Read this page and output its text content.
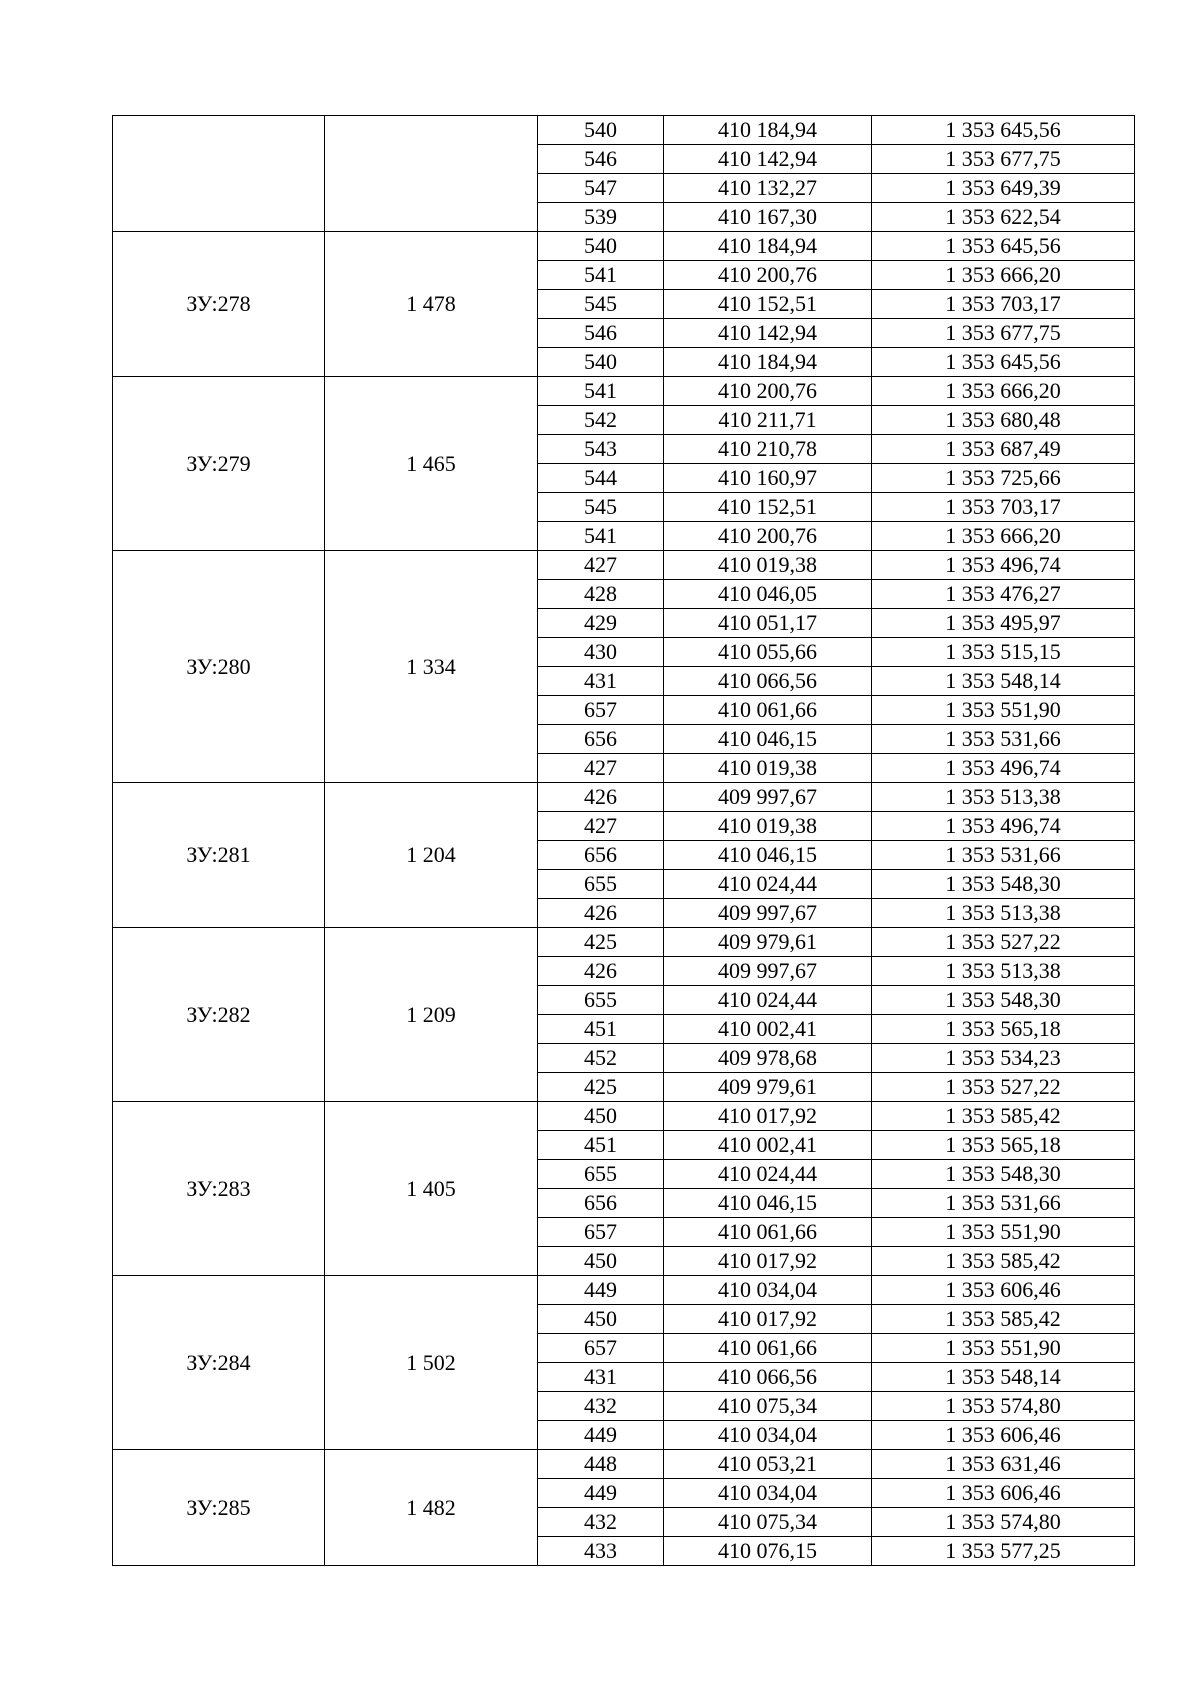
		540	410 184,94	1 353 645,56
		546	410 142,94	1 353 677,75
		547	410 132,27	1 353 649,39
		539	410 167,30	1 353 622,54
ЗУ:278	1 478	540	410 184,94	1 353 645,56
		541	410 200,76	1 353 666,20
		545	410 152,51	1 353 703,17
		546	410 142,94	1 353 677,75
		540	410 184,94	1 353 645,56
ЗУ:279	1 465	541	410 200,76	1 353 666,20
		542	410 211,71	1 353 680,48
		543	410 210,78	1 353 687,49
		544	410 160,97	1 353 725,66
		545	410 152,51	1 353 703,17
		541	410 200,76	1 353 666,20
ЗУ:280	1 334	427	410 019,38	1 353 496,74
		428	410 046,05	1 353 476,27
		429	410 051,17	1 353 495,97
		430	410 055,66	1 353 515,15
		431	410 066,56	1 353 548,14
		657	410 061,66	1 353 551,90
		656	410 046,15	1 353 531,66
		427	410 019,38	1 353 496,74
ЗУ:281	1 204	426	409 997,67	1 353 513,38
		427	410 019,38	1 353 496,74
		656	410 046,15	1 353 531,66
		655	410 024,44	1 353 548,30
		426	409 997,67	1 353 513,38
ЗУ:282	1 209	425	409 979,61	1 353 527,22
		426	409 997,67	1 353 513,38
		655	410 024,44	1 353 548,30
		451	410 002,41	1 353 565,18
		452	409 978,68	1 353 534,23
		425	409 979,61	1 353 527,22
ЗУ:283	1 405	450	410 017,92	1 353 585,42
		451	410 002,41	1 353 565,18
		655	410 024,44	1 353 548,30
		656	410 046,15	1 353 531,66
		657	410 061,66	1 353 551,90
		450	410 017,92	1 353 585,42
ЗУ:284	1 502	449	410 034,04	1 353 606,46
		450	410 017,92	1 353 585,42
		657	410 061,66	1 353 551,90
		431	410 066,56	1 353 548,14
		432	410 075,34	1 353 574,80
		449	410 034,04	1 353 606,46
ЗУ:285	1 482	448	410 053,21	1 353 631,46
		449	410 034,04	1 353 606,46
		432	410 075,34	1 353 574,80
		433	410 076,15	1 353 577,25
